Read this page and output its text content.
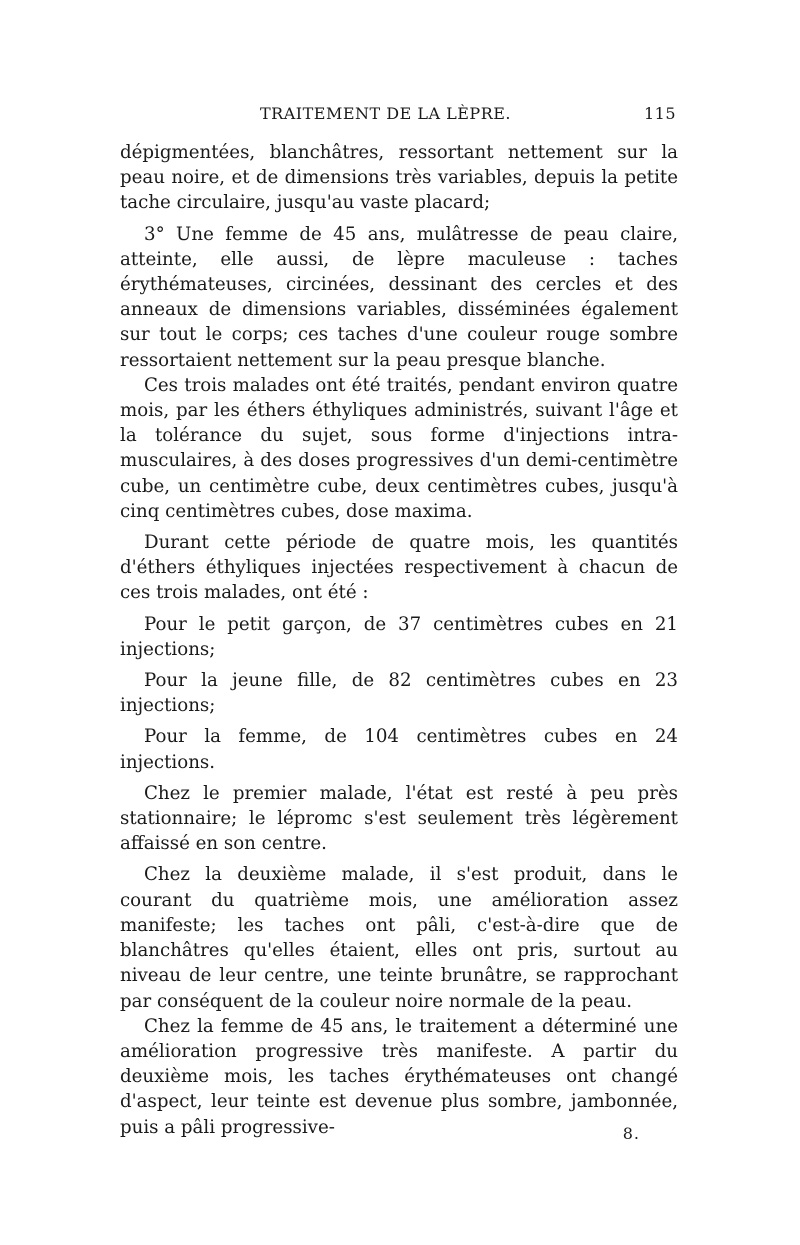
TRAITEMENT DE LA LÈPRE.	115

dépigmentées, blanchâtres, ressortant nettement sur la peau noire, et de dimensions très variables, depuis la petite tache circulaire, jusqu'au vaste placard;

3° Une femme de 45 ans, mulâtresse de peau claire, atteinte, elle aussi, de lèpre maculeuse : taches érythémateuses, circinées, dessinant des cercles et des anneaux de dimensions variables, disséminées également sur tout le corps; ces taches d'une couleur rouge sombre ressortaient nettement sur la peau presque blanche.

Ces trois malades ont été traités, pendant environ quatre mois, par les éthers éthyliques administrés, suivant l'âge et la tolérance du sujet, sous forme d'injections intra-musculaires, à des doses progressives d'un demi-centimètre cube, un centimètre cube, deux centimètres cubes, jusqu'à cinq centimètres cubes, dose maxima.

Durant cette période de quatre mois, les quantités d'éthers éthyliques injectées respectivement à chacun de ces trois malades, ont été :

Pour le petit garçon, de 37 centimètres cubes en 21 injections;

Pour la jeune fille, de 82 centimètres cubes en 23 injections;

Pour la femme, de 104 centimètres cubes en 24 injections.

Chez le premier malade, l'état est resté à peu près stationnaire; le lépromc s'est seulement très légèrement affaissé en son centre.

Chez la deuxième malade, il s'est produit, dans le courant du quatrième mois, une amélioration assez manifeste; les taches ont pâli, c'est-à-dire que de blanchâtres qu'elles étaient, elles ont pris, surtout au niveau de leur centre, une teinte brunâtre, se rapprochant par conséquent de la couleur noire normale de la peau.

Chez la femme de 45 ans, le traitement a déterminé une amélioration progressive très manifeste. A partir du deuxième mois, les taches érythémateuses ont changé d'aspect, leur teinte est devenue plus sombre, jambonnée, puis a pâli progressive-	8.
